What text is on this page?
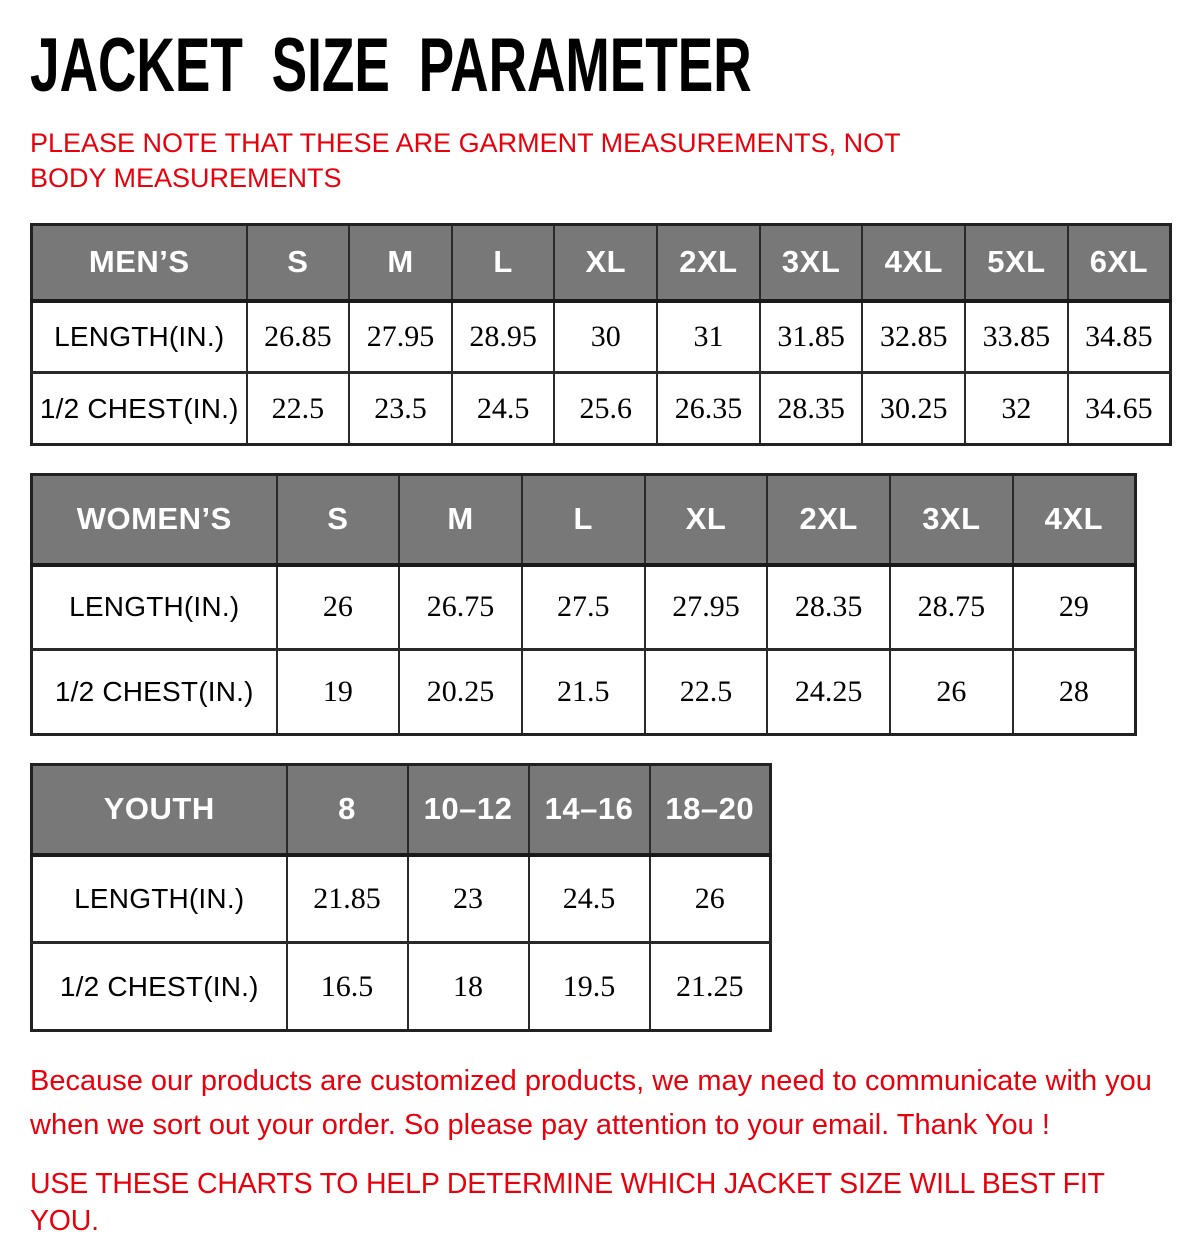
JACKET SIZE PARAMETER

PLEASE NOTE THAT THESE ARE GARMENT MEASUREMENTS, NOT BODY MEASUREMENTS

MEN’S	S	M	L	XL	2XL	3XL	4XL	5XL	6XL
LENGTH(IN.)	26.85	27.95	28.95	30	31	31.85	32.85	33.85	34.85
1/2 CHEST(IN.)	22.5	23.5	24.5	25.6	26.35	28.35	30.25	32	34.65
WOMEN’S	S	M	L	XL	2XL	3XL	4XL
LENGTH(IN.)	26	26.75	27.5	27.95	28.35	28.75	29
1/2 CHEST(IN.)	19	20.25	21.5	22.5	24.25	26	28
YOUTH	8	10–12	14–16	18–20
LENGTH(IN.)	21.85	23	24.5	26
1/2 CHEST(IN.)	16.5	18	19.5	21.25

Because our products are customized products, we may need to communicate with you
when we sort out your order. So please pay attention to your email. Thank You !

USE THESE CHARTS TO HELP DETERMINE WHICH JACKET SIZE WILL BEST FIT YOU.
